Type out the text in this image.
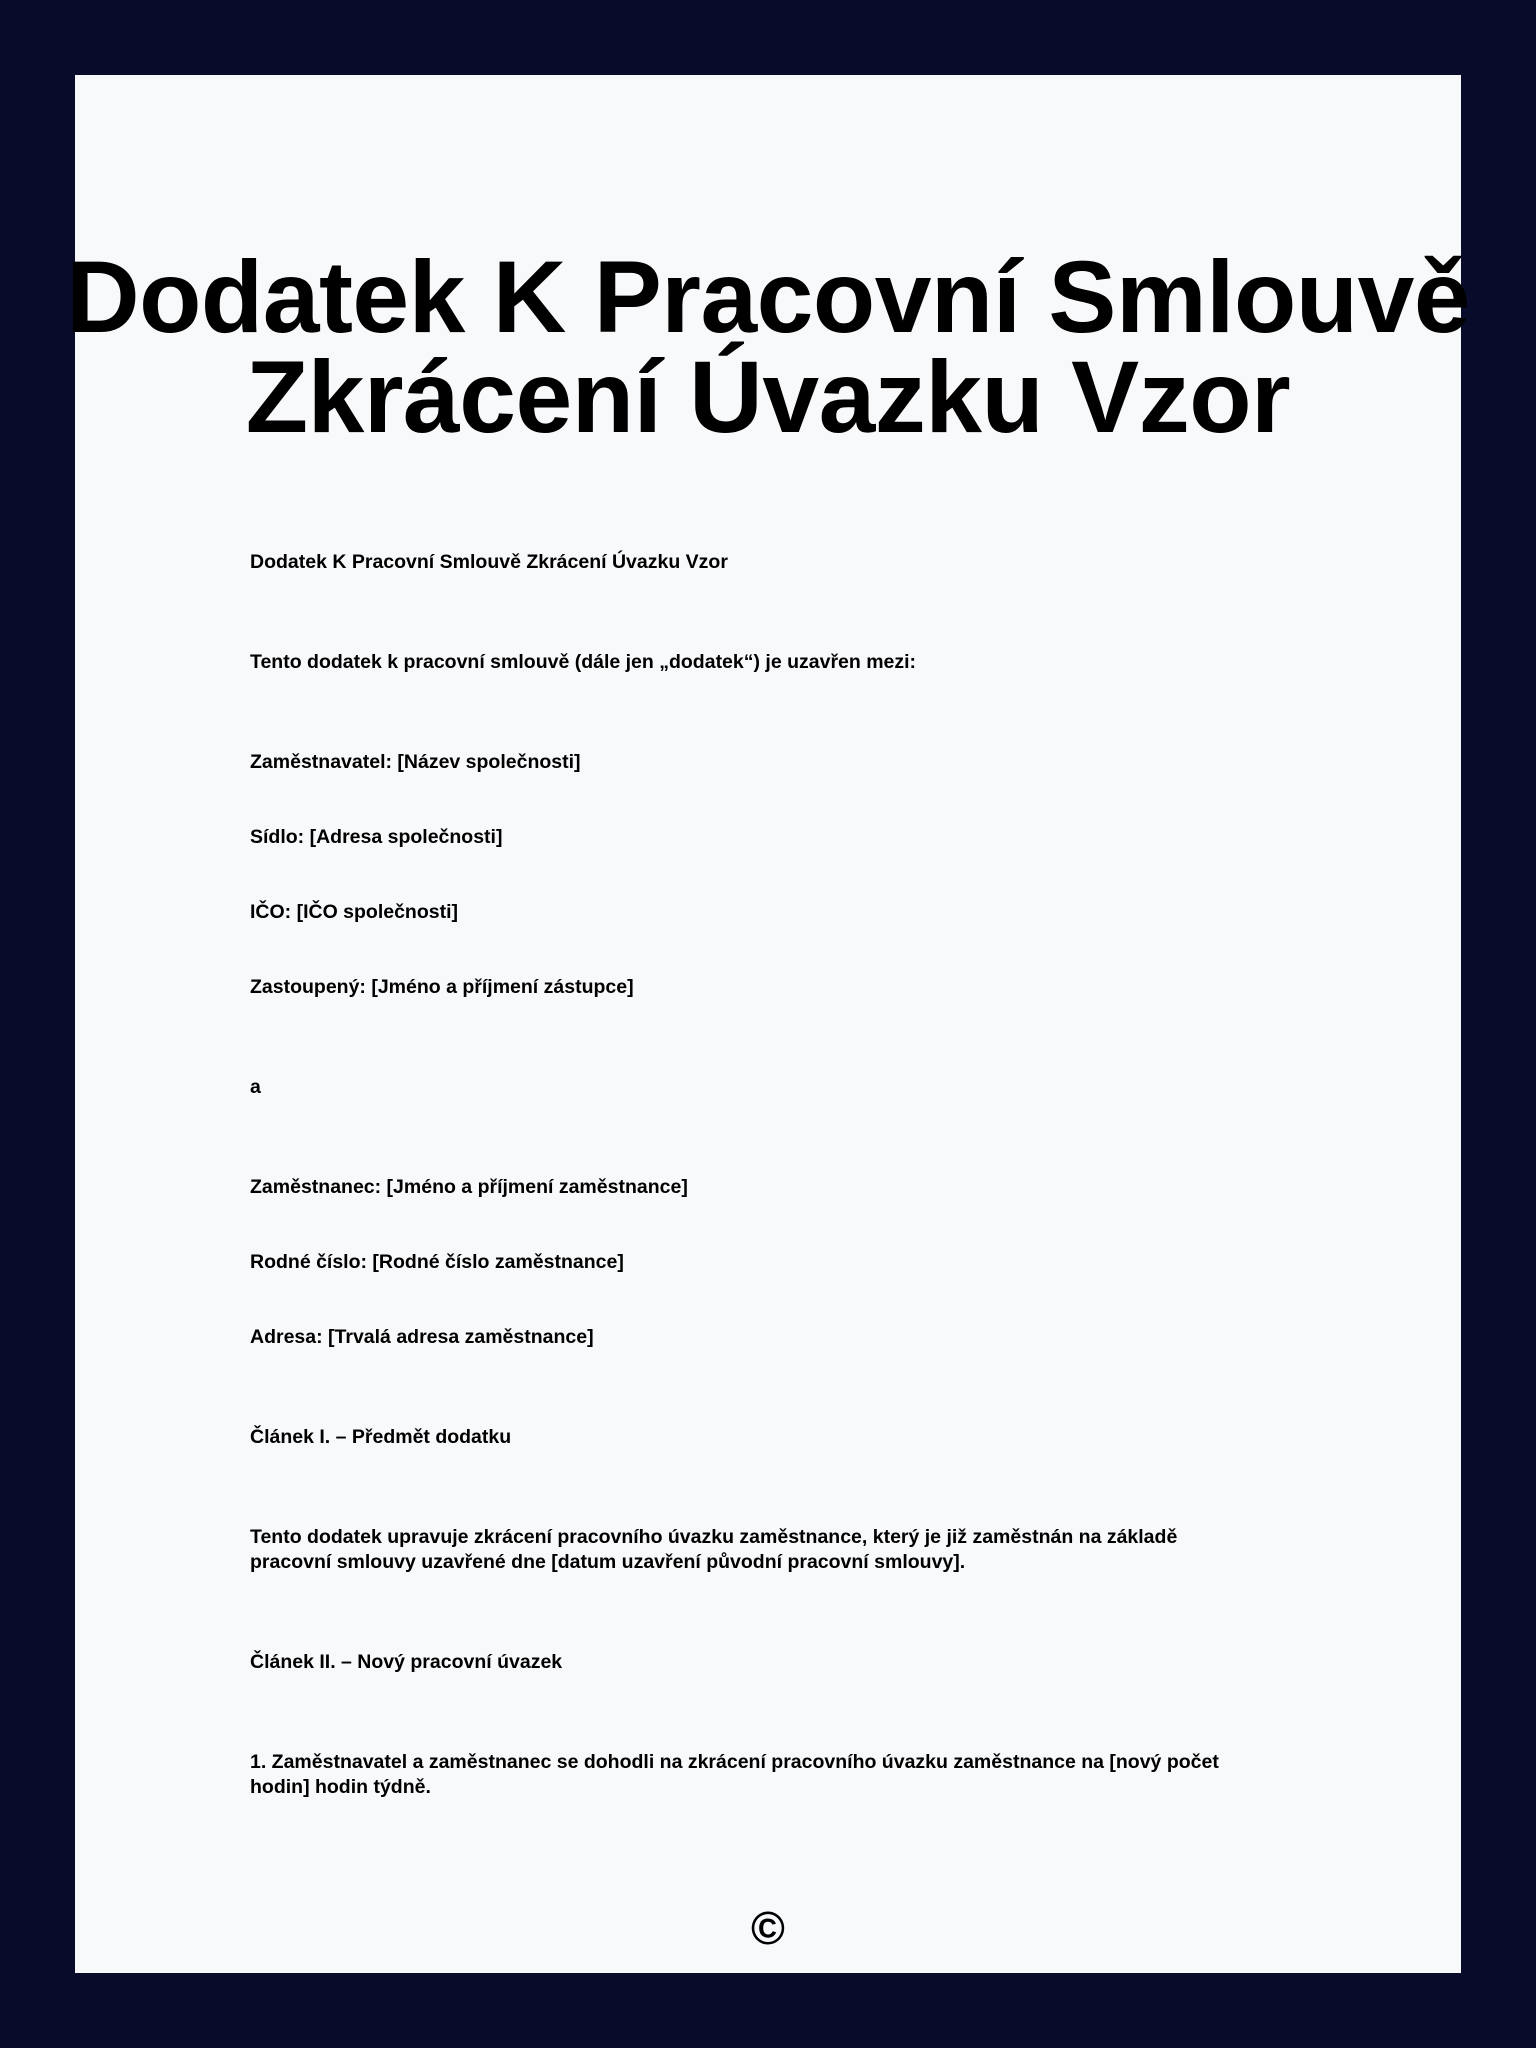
Dodatek K Pracovní Smlouvě
Zkrácení Úvazku Vzor

Dodatek K Pracovní Smlouvě Zkrácení Úvazku Vzor

Tento dodatek k pracovní smlouvě (dále jen „dodatek“) je uzavřen mezi:

Zaměstnavatel: [Název společnosti]

Sídlo: [Adresa společnosti]

IČO: [IČO společnosti]

Zastoupený: [Jméno a příjmení zástupce]

a

Zaměstnanec: [Jméno a příjmení zaměstnance]

Rodné číslo: [Rodné číslo zaměstnance]

Adresa: [Trvalá adresa zaměstnance]

Článek I. – Předmět dodatku

Tento dodatek upravuje zkrácení pracovního úvazku zaměstnance, který je již zaměstnán na základě

pracovní smlouvy uzavřené dne [datum uzavření původní pracovní smlouvy].

Článek II. – Nový pracovní úvazek

1. Zaměstnavatel a zaměstnanec se dohodli na zkrácení pracovního úvazku zaměstnance na [nový počet

hodin] hodin týdně.

©
